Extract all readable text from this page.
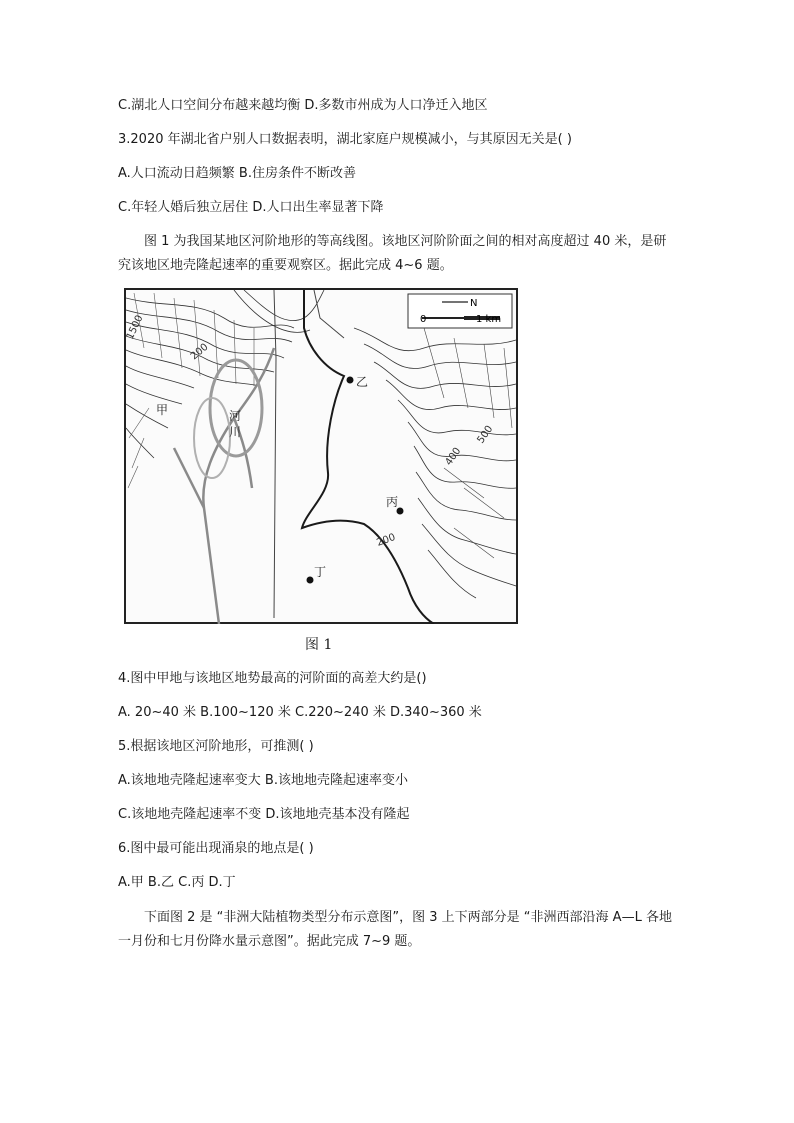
C.湖北人口空间分布越来越均衡 D.多数市州成为人口净迁入地区
3.2020 年湖北省户别人口数据表明，湖北家庭户规模减小，与其原因无关是( )
A.人口流动日趋频繁 B.住房条件不断改善
C.年轻人婚后独立居住 D.人口出生率显著下降
图 1 为我国某地区河阶地形的等高线图。该地区河阶阶面之间的相对高度超过 40 米，是研究该地区地壳隆起速率的重要观察区。据此完成 4~6 题。
0	1 km
N
1500
200
500
400
200
甲	河
川
乙
丙
丁
图 1
4.图中甲地与该地区地势最高的河阶面的高差大约是()
A. 20~40 米 B.100~120 米 C.220~240 米 D.340~360 米
5.根据该地区河阶地形，可推测( )
A.该地地壳隆起速率变大 B.该地地壳隆起速率变小
C.该地地壳隆起速率不变 D.该地地壳基本没有隆起
6.图中最可能出现涌泉的地点是( )
A.甲 B.乙 C.丙 D.丁
下面图 2 是 “非洲大陆植物类型分布示意图”，图 3 上下两部分是 “非洲西部沿海 A—L 各地一月份和七月份降水量示意图”。据此完成 7~9 题。
